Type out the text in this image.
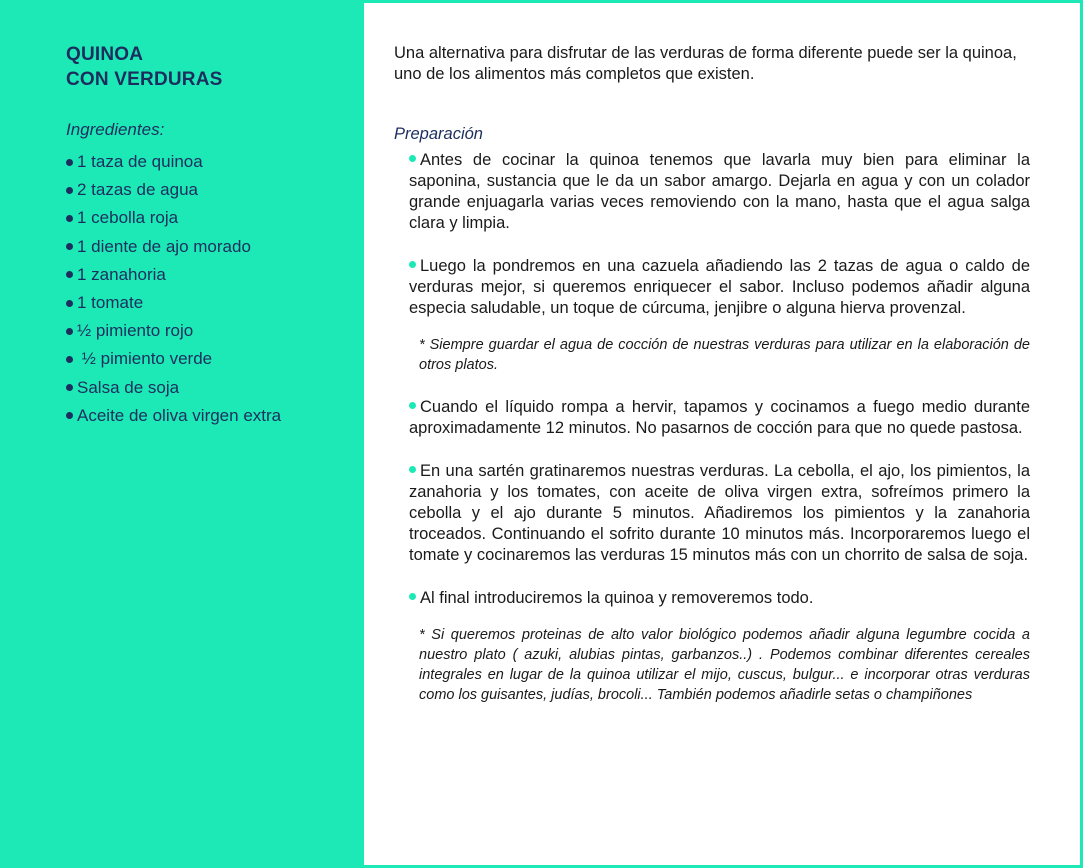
QUINOA
CON VERDURAS
Ingredientes:
1 taza de quinoa
2 tazas de agua
1 cebolla roja
1 diente de ajo morado
1 zanahoria
1 tomate
½ pimiento rojo
½ pimiento verde
Salsa de soja
Aceite de oliva virgen extra

Una alternativa para disfrutar de las verduras de forma diferente puede ser la quinoa, uno de los alimentos más completos que existen.

Preparación

Antes de cocinar la quinoa tenemos que lavarla muy bien para eliminar la saponina, sustancia que le da un sabor amargo. Dejarla en agua y con un colador grande enjuagarla varias veces removiendo con la mano, hasta que el agua salga clara y limpia.

Luego la pondremos en una cazuela añadiendo las 2 tazas de agua o caldo de verduras mejor, si queremos enriquecer el sabor. Incluso podemos añadir alguna especia saludable, un toque de cúrcuma, jenjibre o alguna hierva provenzal.

* Siempre guardar el agua de cocción de nuestras verduras para utilizar en la elaboración de otros platos.

Cuando el líquido rompa a hervir, tapamos y cocinamos a fuego medio durante aproximadamente 12 minutos. No pasarnos de cocción para que no quede pastosa.

En una sartén gratinaremos nuestras verduras. La cebolla, el ajo, los pimientos, la zanahoria y los tomates, con aceite de oliva virgen extra, sofreímos primero la cebolla y el ajo durante 5 minutos. Añadiremos los pimientos y la zanahoria troceados. Continuando el sofrito durante 10 minutos más. Incorporaremos luego el tomate y cocinaremos las verduras 15 minutos más con un chorrito de salsa de soja.

Al final introduciremos la quinoa y removeremos todo.

* Si queremos proteinas de alto valor biológico podemos añadir alguna legumbre cocida a nuestro plato ( azuki, alubias pintas, garbanzos..) . Podemos combinar diferentes cereales integrales en lugar de la quinoa utilizar el mijo, cuscus, bulgur... e incorporar otras verduras como los guisantes, judías, brocoli... También podemos añadirle setas o champiñones
